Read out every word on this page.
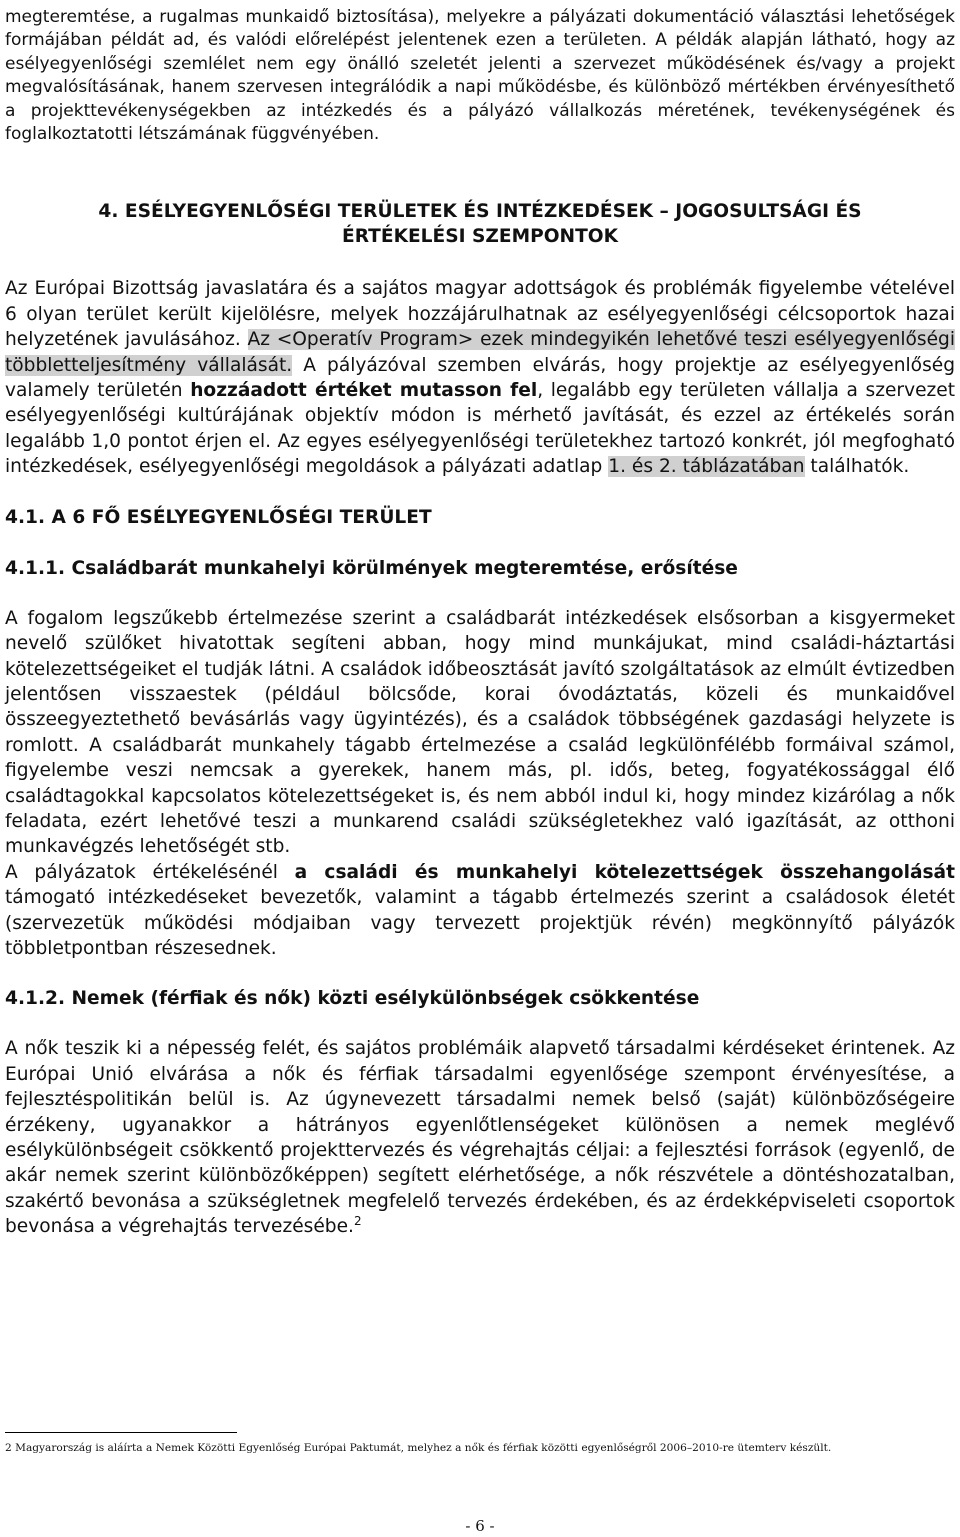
megteremtése, a rugalmas munkaidő biztosítása), melyekre a pályázati dokumentáció választási lehetőségek formájában példát ad, és valódi előrelépést jelentenek ezen a területen. A példák alapján látható, hogy az esélyegyenlőségi szemlélet nem egy önálló szeletét jelenti a szervezet működésének és/vagy a projekt megvalósításának, hanem szervesen integrálódik a napi működésbe, és különböző mértékben érvényesíthető a projekttevékenységekben az intézkedés és a pályázó vállalkozás méretének, tevékenységének és foglalkoztatotti létszámának függvényében.

4. ESÉLYEGYENLŐSÉGI TERÜLETEK ÉS INTÉZKEDÉSEK – JOGOSULTSÁGI ÉS
ÉRTÉKELÉSI SZEMPONTOK

Az Európai Bizottság javaslatára és a sajátos magyar adottságok és problémák figyelembe vételével 6 olyan terület került kijelölésre, melyek hozzájárulhatnak az esélyegyenlőségi célcsoportok hazai helyzetének javulásához. Az <Operatív Program> ezek mindegyikén lehetővé teszi esélyegyenlőségi többletteljesítmény vállalását. A pályázóval szemben elvárás, hogy projektje az esélyegyenlőség valamely területén hozzáadott értéket mutasson fel, legalább egy területen vállalja a szervezet esélyegyenlőségi kultúrájának objektív módon is mérhető javítását, és ezzel az értékelés során legalább 1,0 pontot érjen el. Az egyes esélyegyenlőségi területekhez tartozó konkrét, jól megfogható intézkedések, esélyegyenlőségi megoldások a pályázati adatlap 1. és 2. táblázatában találhatók.

4.1. A 6 FŐ ESÉLYEGYENLŐSÉGI TERÜLET
4.1.1. Családbarát munkahelyi körülmények megteremtése, erősítése

A fogalom legszűkebb értelmezése szerint a családbarát intézkedések elsősorban a kisgyermeket nevelő szülőket hivatottak segíteni abban, hogy mind munkájukat, mind családi-háztartási kötelezettségeiket el tudják látni. A családok időbeosztását javító szolgáltatások az elmúlt évtizedben jelentősen visszaestek (például bölcsőde, korai óvodáztatás, közeli és munkaidővel összeegyeztethető bevásárlás vagy ügyintézés), és a családok többségének gazdasági helyzete is romlott. A családbarát munkahely tágabb értelmezése a család legkülönfélébb formáival számol, figyelembe veszi nemcsak a gyerekek, hanem más, pl. idős, beteg, fogyatékossággal élő családtagokkal kapcsolatos kötelezettségeket is, és nem abból indul ki, hogy mindez kizárólag a nők feladata, ezért lehetővé teszi a munkarend családi szükségletekhez való igazítását, az otthoni munkavégzés lehetőségét stb.

A pályázatok értékelésénél a családi és munkahelyi kötelezettségek összehangolását támogató intézkedéseket bevezetők, valamint a tágabb értelmezés szerint a családosok életét (szervezetük működési módjaiban vagy tervezett projektjük révén) megkönnyítő pályázók többletpontban részesednek.

4.1.2. Nemek (férfiak és nők) közti esélykülönbségek csökkentése

A nők teszik ki a népesség felét, és sajátos problémáik alapvető társadalmi kérdéseket érintenek. Az Európai Unió elvárása a nők és férfiak társadalmi egyenlősége szempont érvényesítése, a fejlesztéspolitikán belül is. Az úgynevezett társadalmi nemek belső (saját) különbözőségeire érzékeny, ugyanakkor a hátrányos egyenlőtlenségeket különösen a nemek meglévő esélykülönbségeit csökkentő projekttervezés és végrehajtás céljai: a fejlesztési források (egyenlő, de akár nemek szerint különbözőképpen) segített elérhetősége, a nők részvétele a döntéshozatalban, szakértő bevonása a szükségletnek megfelelő tervezés érdekében, és az érdekképviseleti csoportok bevonása a végrehajtás tervezésébe.$^2$

2 Magyarország is aláírta a Nemek Közötti Egyenlőség Európai Paktumát, melyhez a nők és férfiak közötti egyenlőségről 2006–2010-re ütemterv készült.
- 6 -
